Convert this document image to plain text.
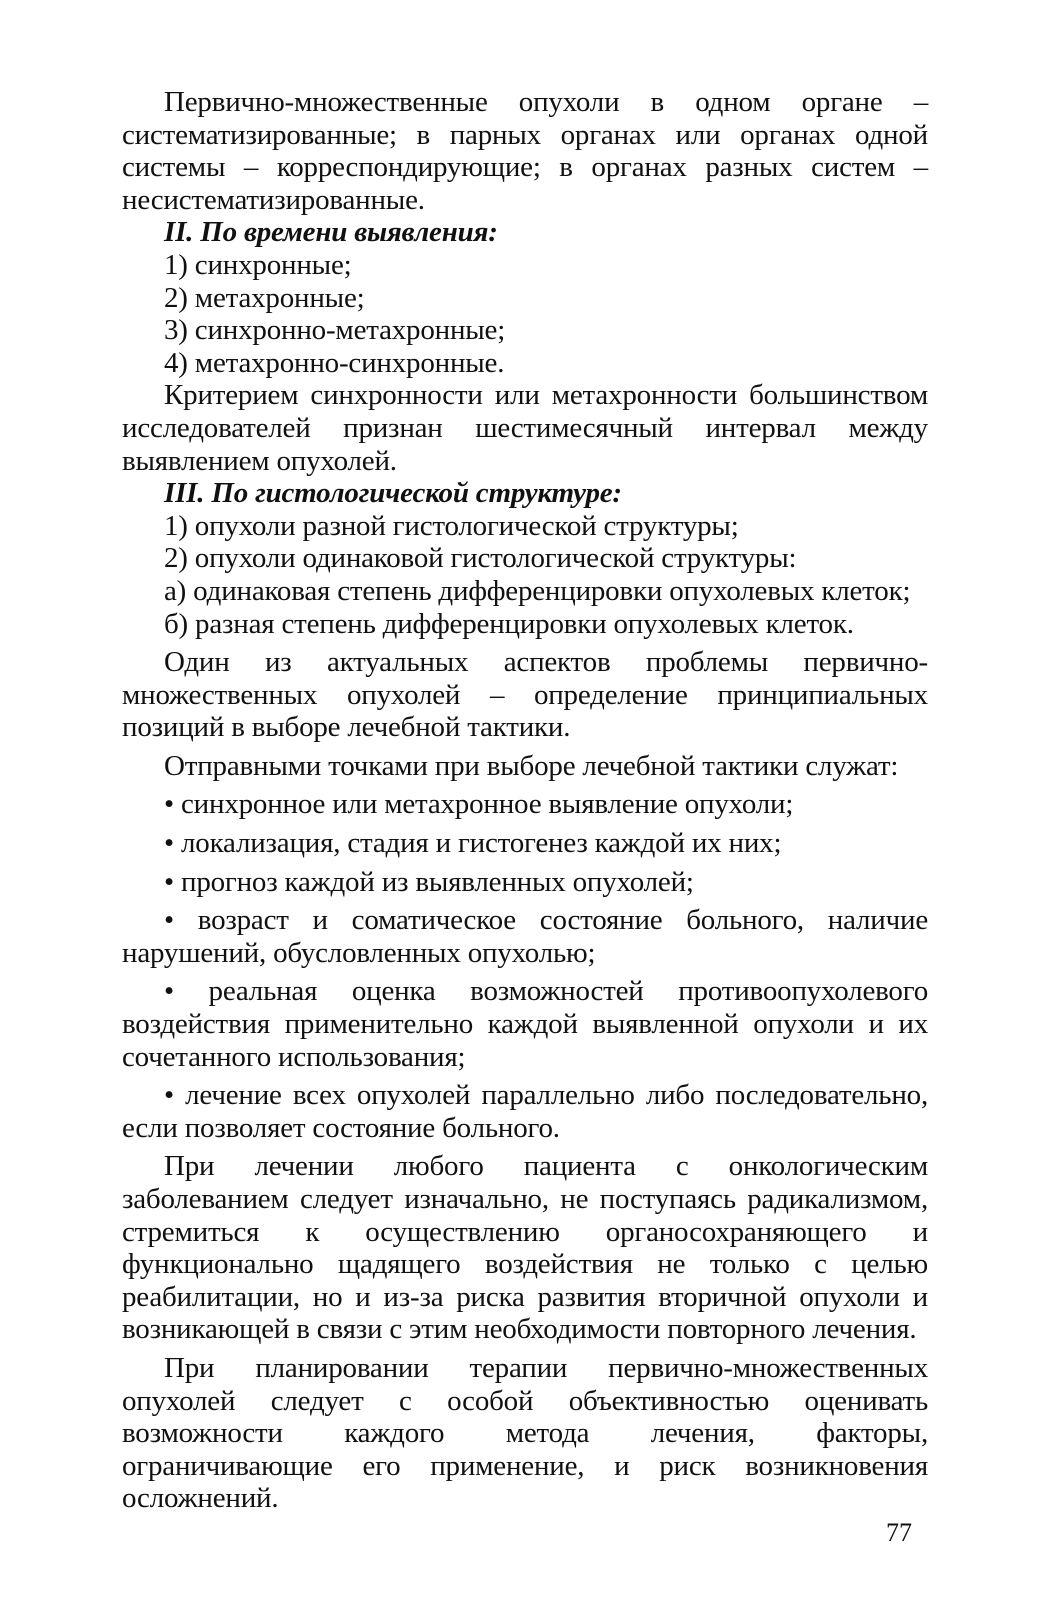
Первично-множественные опухоли в одном органе – систематизированные; в парных органах или органах одной системы – корреспондирующие; в органах разных систем – несистематизированные.

II. По времени выявления:

1) синхронные;

2) метахронные;

3) синхронно-метахронные;

4) метахронно-синхронные.

Критерием синхронности или метахронности большинством исследователей признан шестимесячный интервал между выявлением опухолей.

III. По гистологической структуре:

1) опухоли разной гистологической структуры;

2) опухоли одинаковой гистологической структуры:

а) одинаковая степень дифференцировки опухолевых клеток;

б) разная степень дифференцировки опухолевых клеток.

Один из актуальных аспектов проблемы первично-множественных опухолей – определение принципиальных позиций в выборе лечебной тактики.

Отправными точками при выборе лечебной тактики служат:

• синхронное или метахронное выявление опухоли;

• локализация, стадия и гистогенез каждой их них;

• прогноз каждой из выявленных опухолей;

• возраст и соматическое состояние больного, наличие нарушений, обусловленных опухолью;

• реальная оценка возможностей противоопухолевого воздействия применительно каждой выявленной опухоли и их сочетанного использования;

• лечение всех опухолей параллельно либо последовательно, если позволяет состояние больного.

При лечении любого пациента с онкологическим заболеванием следует изначально, не поступаясь радикализмом, стремиться к осуществлению органосохраняющего и функционально щадящего воздействия не только с целью реабилитации, но и из-за риска развития вторичной опухоли и возникающей в связи с этим необходимости повторного лечения.

При планировании терапии первично-множественных опухолей следует с особой объективностью оценивать возможности каждого метода лечения, факторы, ограничивающие его применение, и риск возникновения осложнений.

77
